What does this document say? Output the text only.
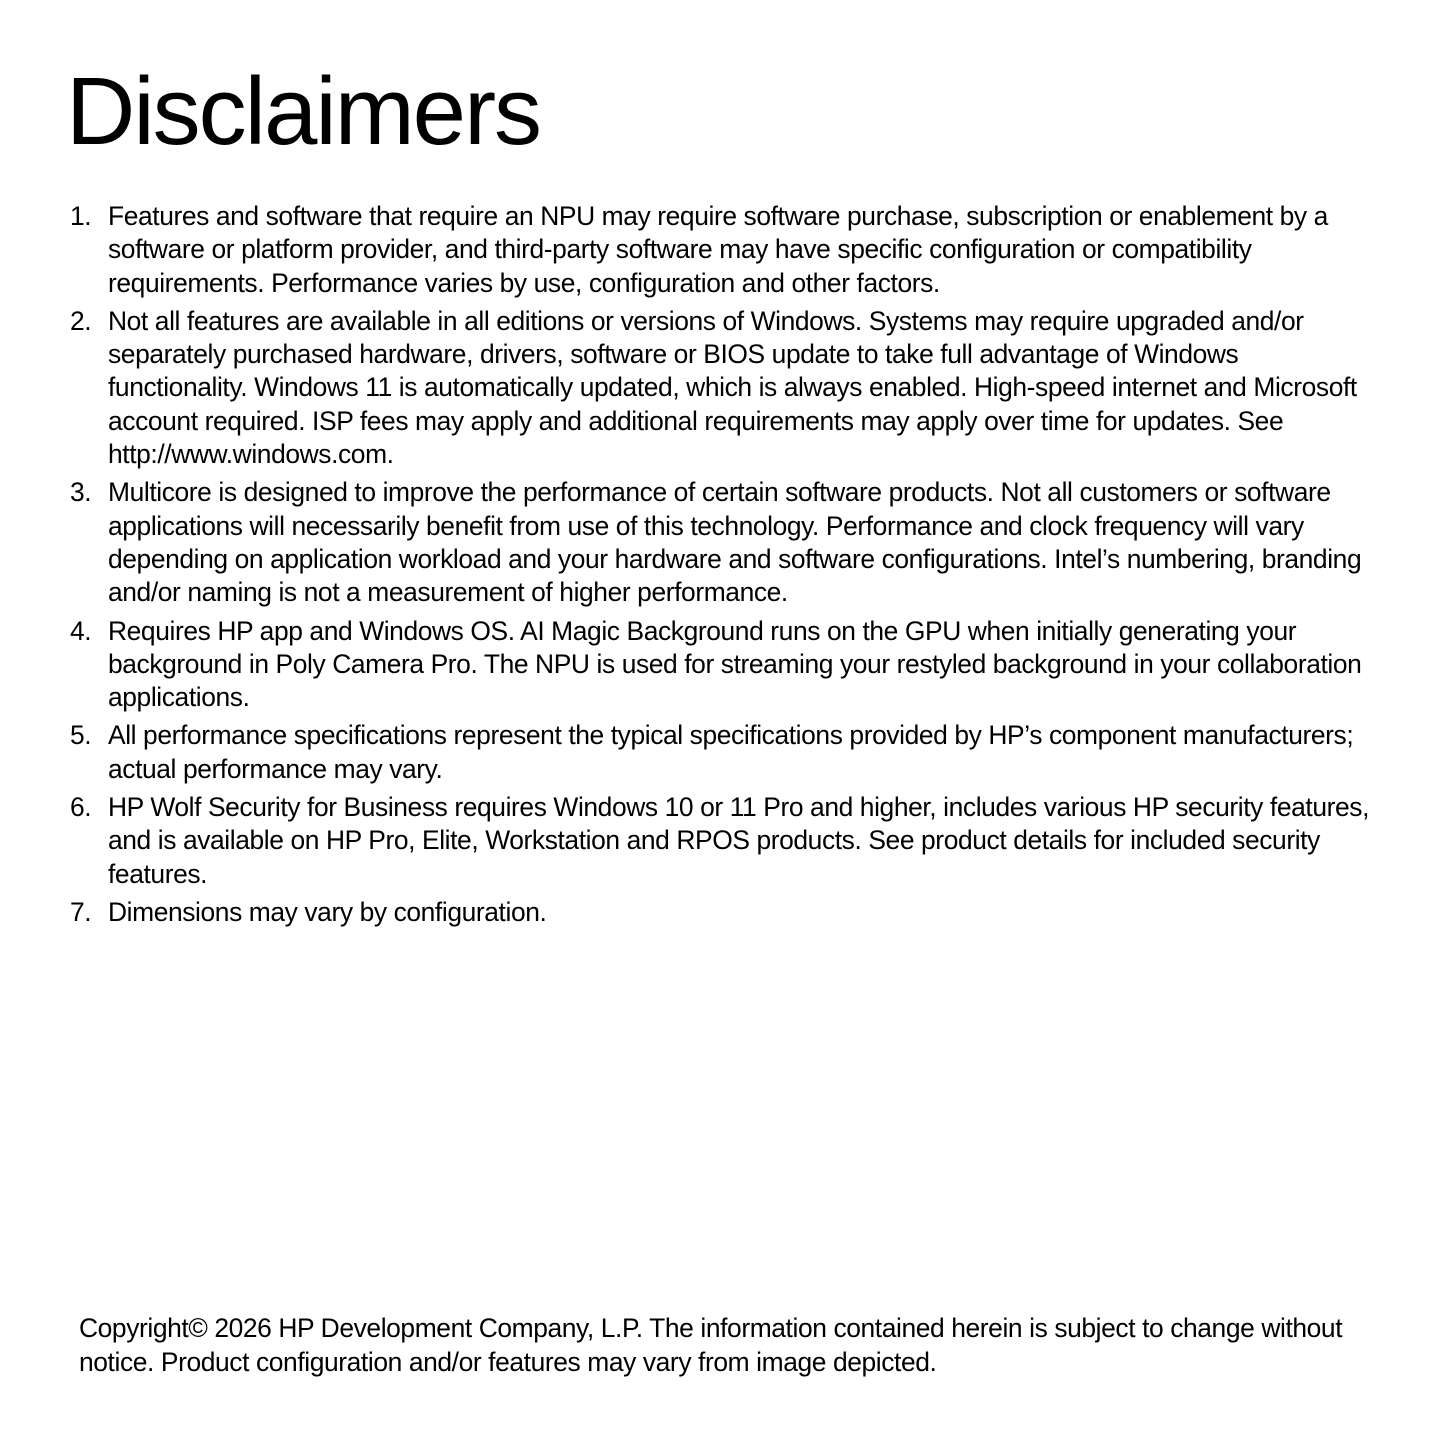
Disclaimers
1. Features and software that require an NPU may require software purchase, subscription or enablement by a software or platform provider, and third-party software may have specific configuration or compatibility requirements. Performance varies by use, configuration and other factors.
2. Not all features are available in all editions or versions of Windows. Systems may require upgraded and/or separately purchased hardware, drivers, software or BIOS update to take full advantage of Windows functionality. Windows 11 is automatically updated, which is always enabled. High-speed internet and Microsoft account required. ISP fees may apply and additional requirements may apply over time for updates. See http://www.windows.com.
3. Multicore is designed to improve the performance of certain software products. Not all customers or software applications will necessarily benefit from use of this technology. Performance and clock frequency will vary depending on application workload and your hardware and software configurations. Intel’s numbering, branding and/or naming is not a measurement of higher performance.
4. Requires HP app and Windows OS. AI Magic Background runs on the GPU when initially generating your background in Poly Camera Pro. The NPU is used for streaming your restyled background in your collaboration applications.
5. All performance specifications represent the typical specifications provided by HP’s component manufacturers; actual performance may vary.
6. HP Wolf Security for Business requires Windows 10 or 11 Pro and higher, includes various HP security features, and is available on HP Pro, Elite, Workstation and RPOS products. See product details for included security features.
7. Dimensions may vary by configuration.

Copyright© 2026 HP Development Company, L.P. The information contained herein is subject to change without notice. Product configuration and/or features may vary from image depicted.
